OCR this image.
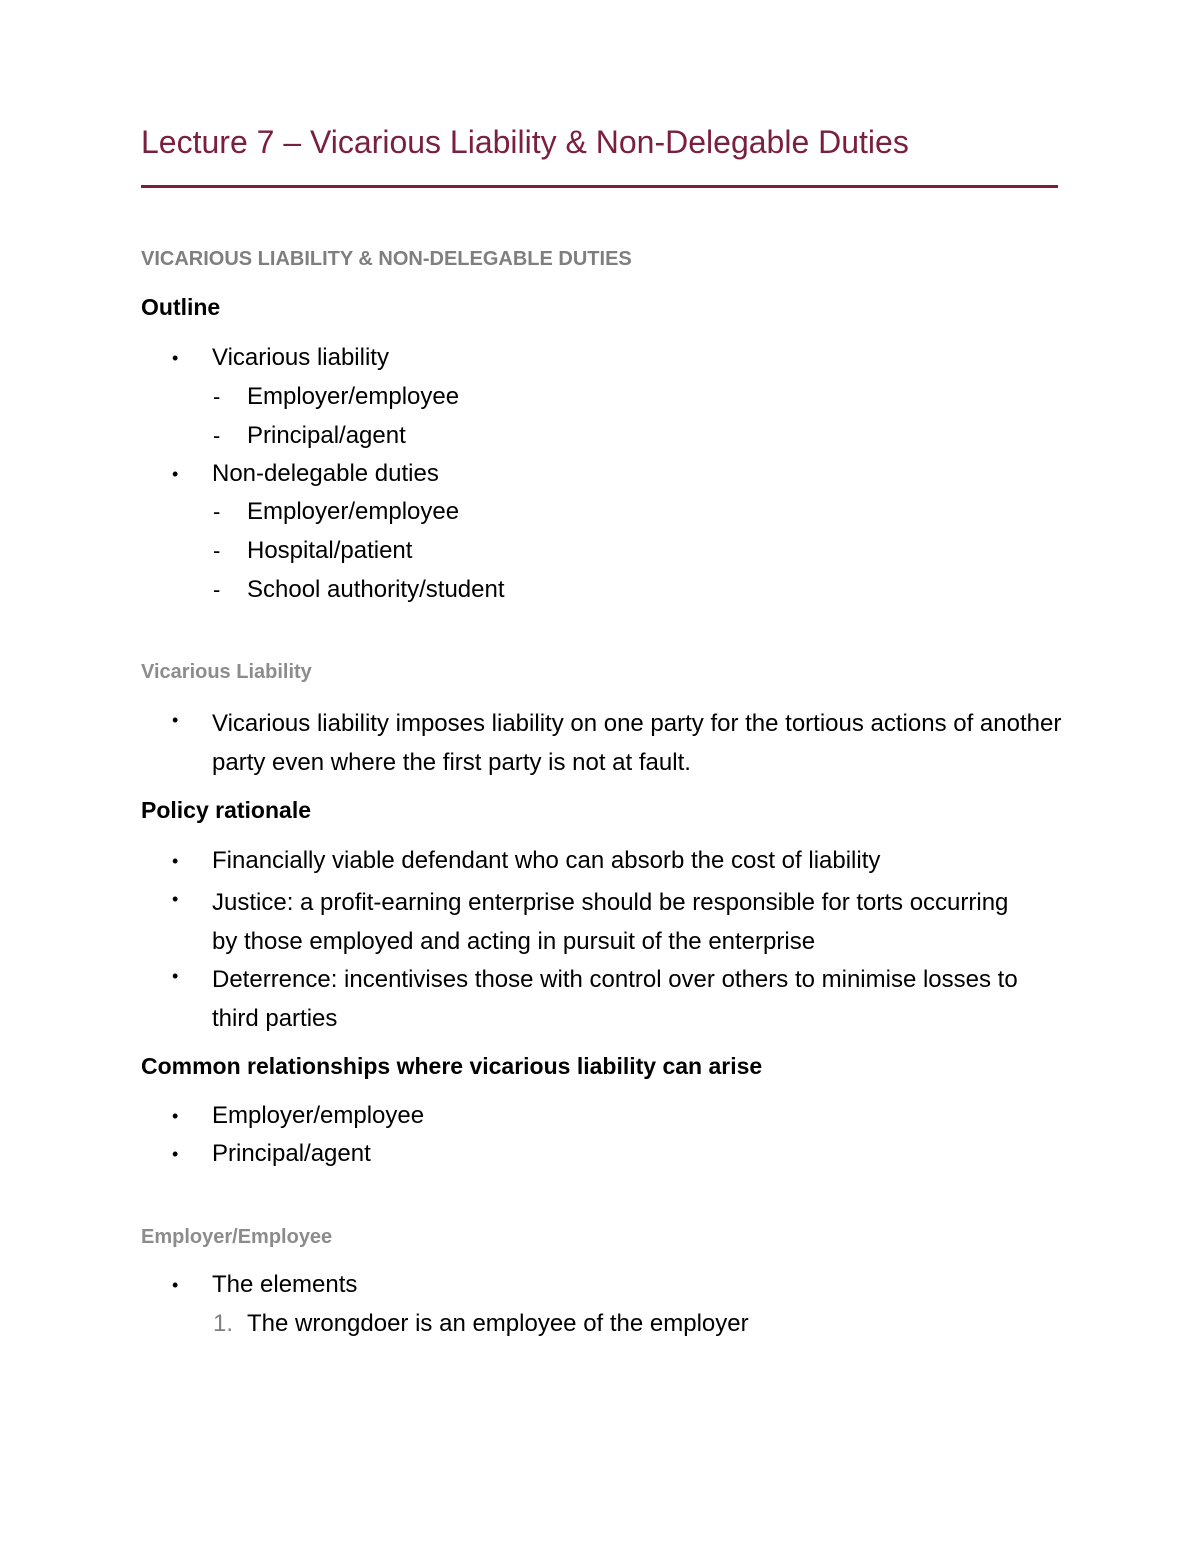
Lecture 7 – Vicarious Liability & Non-Delegable Duties
VICARIOUS LIABILITY & NON-DELEGABLE DUTIES
Outline
• Vicarious liability
- Employer/employee
- Principal/agent
• Non-delegable duties
- Employer/employee
- Hospital/patient
- School authority/student
Vicarious Liability
• Vicarious liability imposes liability on one party for the tortious actions of another party even where the first party is not at fault.
Policy rationale
• Financially viable defendant who can absorb the cost of liability
• Justice: a profit-earning enterprise should be responsible for torts occurring by those employed and acting in pursuit of the enterprise
• Deterrence: incentivises those with control over others to minimise losses to third parties
Common relationships where vicarious liability can arise
• Employer/employee
• Principal/agent
Employer/Employee
• The elements
1. The wrongdoer is an employee of the employer
